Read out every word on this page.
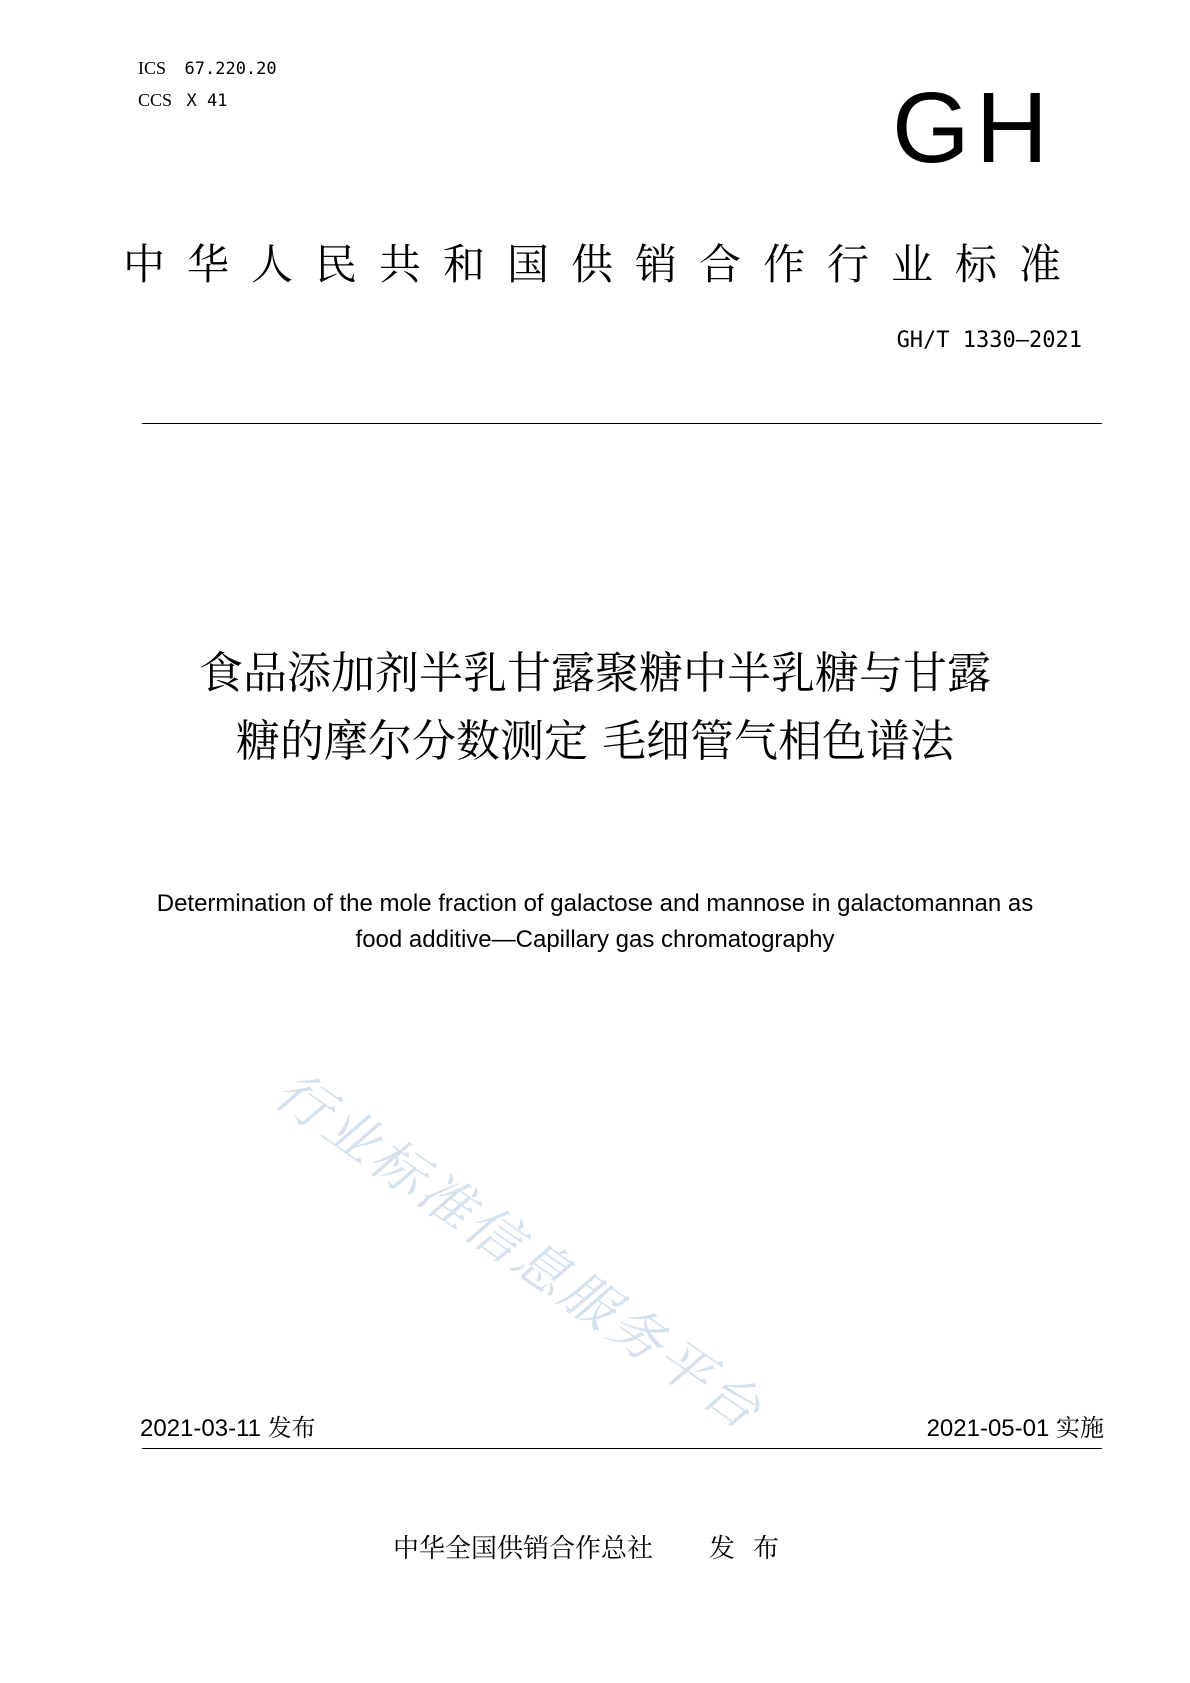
ICS 67.220.20
CCS X 41	GH
中华人民共和国供销合作行业标准
GH/T 1330—2021
食品添加剂半乳甘露聚糖中半乳糖与甘露
糖的摩尔分数测定 毛细管气相色谱法
Determination of the mole fraction of galactose and mannose in galactomannan as
food additive—Capillary gas chromatography
行业标准信息服务平台
2021-03-11 发布	2021-05-01 实施
中华全国供销合作总社 发布
